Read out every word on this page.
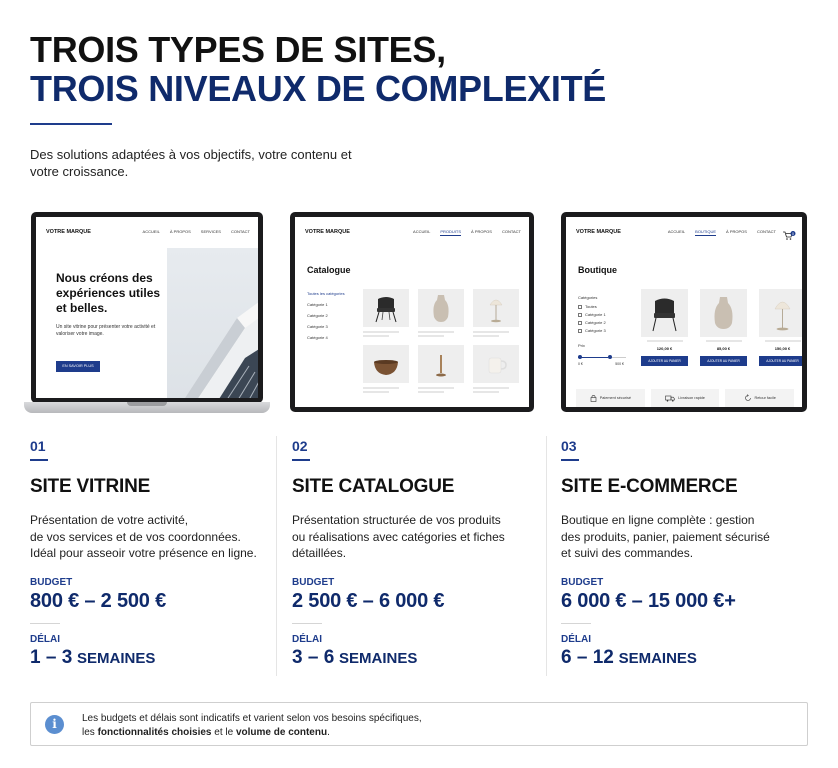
TROIS TYPES DE SITES,
TROIS NIVEAUX DE COMPLEXITÉ

Des solutions adaptées à vos objectifs, votre contenu et votre croissance.

VOTRE MARQUE	ACCUEIL	À PROPOS	SERVICES	CONTACT
Nous créons des expériences utiles et belles.
Un site vitrine pour présenter votre activité et valoriser votre image.
EN SAVOIR PLUS
VOTRE MARQUE	ACCUEIL	PRODUITS	À PROPOS	CONTACT
Catalogue
Toutes les catégories
Catégorie 1
Catégorie 2
Catégorie 3
Catégorie 4
VOTRE MARQUE	ACCUEIL	BOUTIQUE	À PROPOS	CONTACT	0
Boutique
Catégories
Toutes
Catégorie 1
Catégorie 2
Catégorie 3
Prix
0 €	500 €
120,00 €
AJOUTER AU PANIER
85,00 €
AJOUTER AU PANIER
150,00 €
AJOUTER AU PANIER
Paiement sécurisé	Livraison rapide	Retour facile
01
SITE VITRINE
Présentation de votre activité,
de vos services et de vos coordonnées.
Idéal pour asseoir votre présence en ligne.
BUDGET
800 € – 2 500 €
DÉLAI
1 – 3 SEMAINES
02
SITE CATALOGUE
Présentation structurée de vos produits
ou réalisations avec catégories et fiches
détaillées.
BUDGET
2 500 € – 6 000 €
DÉLAI
3 – 6 SEMAINES
03
SITE E-COMMERCE
Boutique en ligne complète : gestion
des produits, panier, paiement sécurisé
et suivi des commandes.
BUDGET
6 000 € – 15 000 €+
DÉLAI
6 – 12 SEMAINES
i	Les budgets et délais sont indicatifs et varient selon vos besoins spécifiques,
les fonctionnalités choisies et le volume de contenu.
